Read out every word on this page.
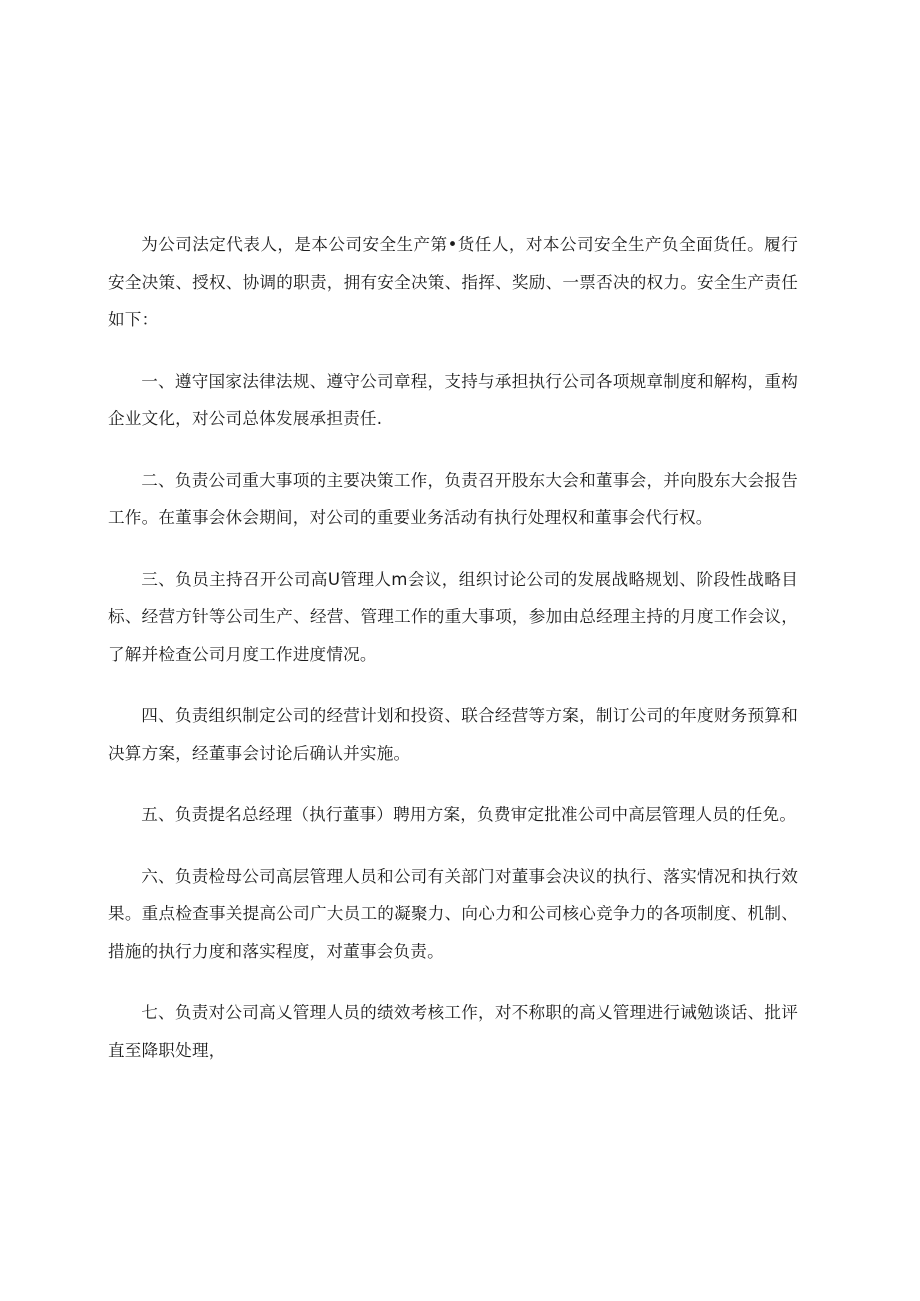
为公司法定代表人，是本公司安全生产第•货任人，对本公司安全生产负全面货任。履行安全决策、授权、协调的职责，拥有安全决策、指挥、奖励、一票否决的权力。安全生产责任如下：

一、遵守国家法律法规、遵守公司章程，支持与承担执行公司各项规章制度和解构，重构企业文化，对公司总体发展承担责任.

二、负责公司重大事项的主要决策工作，负责召开股东大会和董事会，并向股东大会报告工作。在董事会休会期间，对公司的重要业务活动有执行处理权和董事会代行权。

三、负员主持召开公司高U管理人m会议，组织讨论公司的发展战略规划、阶段性战略目标、经营方针等公司生产、经营、管理工作的重大事项，参加由总经理主持的月度工作会议，了解并检查公司月度工作进度情况。

四、负责组织制定公司的经营计划和投资、联合经营等方案，制订公司的年度财务预算和决算方案，经董事会讨论后确认并实施。

五、负责提名总经理（执行董事）聘用方案，负费审定批准公司中高层管理人员的任免。

六、负责检母公司高层管理人员和公司有关部门对董事会决议的执行、落实情况和执行效果。重点检查事关提高公司广大员工的凝聚力、向心力和公司核心竞争力的各项制度、机制、措施的执行力度和落实程度，对董事会负责。

七、负责对公司高乂管理人员的绩效考核工作，对不称职的高乂管理进行诫勉谈话、批评直至降职处理，
